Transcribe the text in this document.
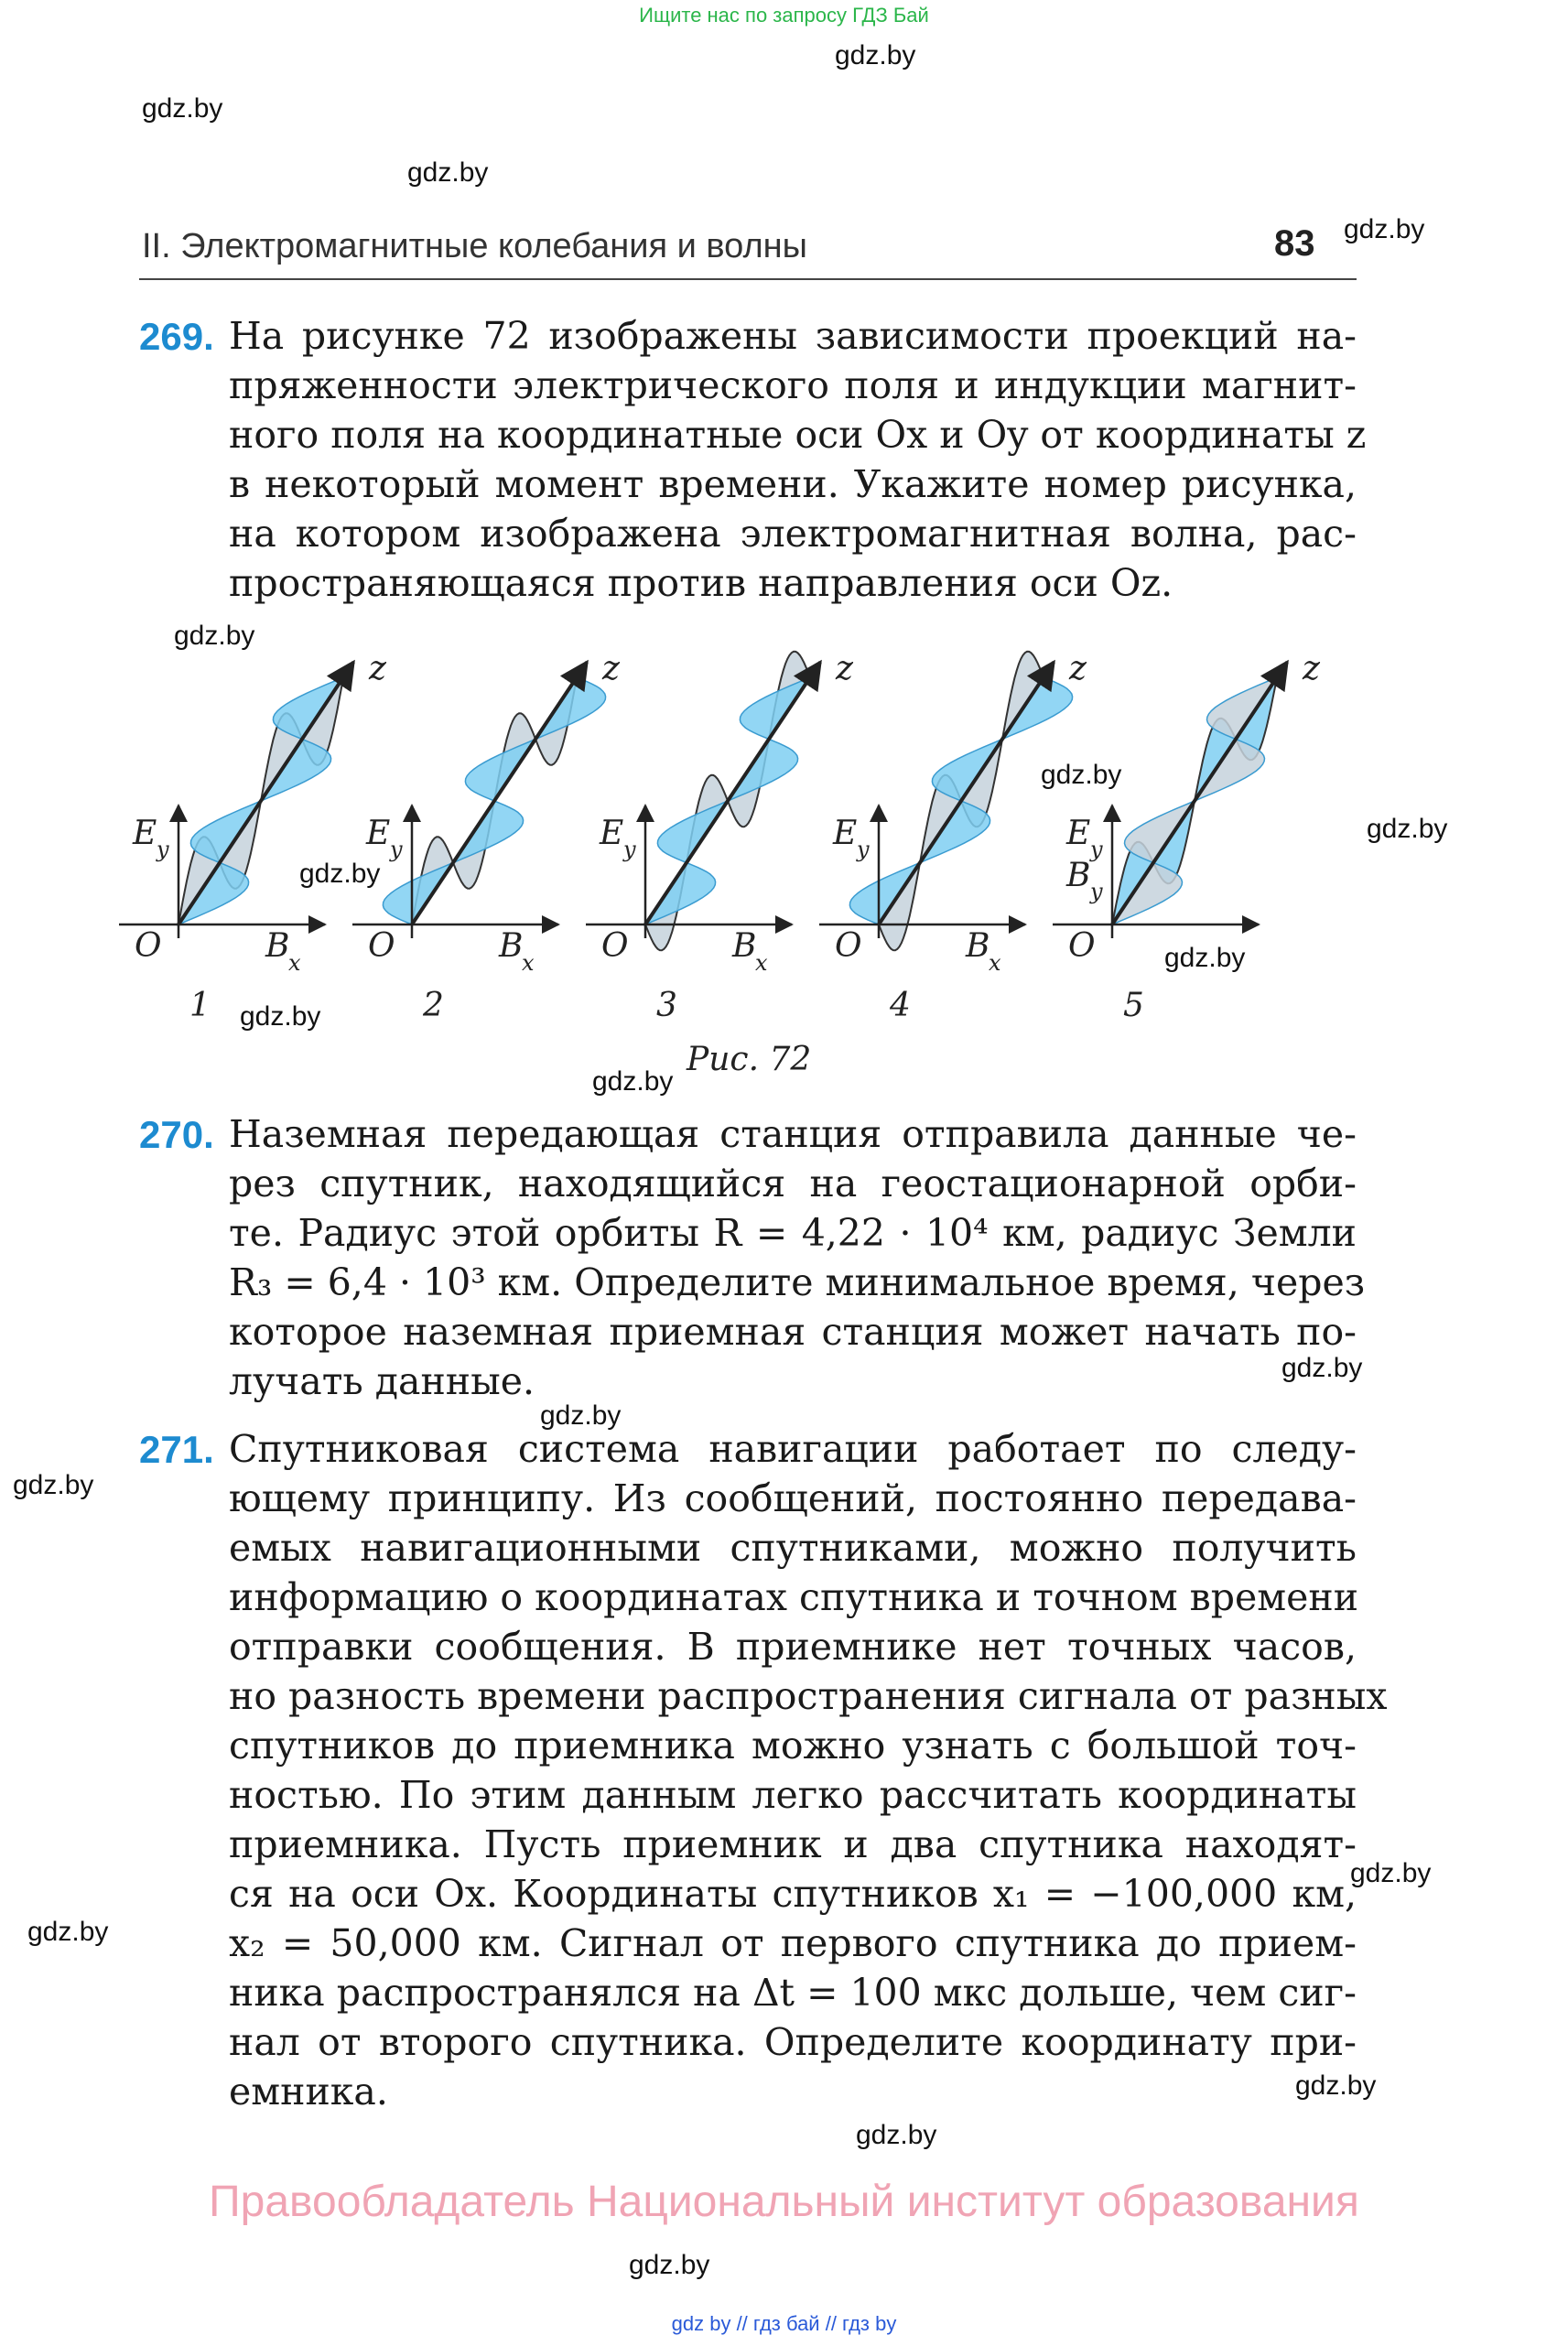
Ищите нас по запросу ГДЗ Бай
gdz.by
gdz.by
gdz.by
gdz.by
gdz.by
gdz.by
gdz.by
gdz.by
gdz.by
gdz.by
gdz.by
gdz.by
gdz.by
gdz.by
gdz.by
gdz.by
gdz.by
gdz.by
gdz.by
II. Электромагнитные колебания и волны	83
269. На рисунке 72 изображены зависимости проекций на-
пряженности электрического поля и индукции магнит-
ного поля на координатные оси Ox и Oy от координаты z
в некоторый момент времени. Укажите номер рисунка,
на котором изображена электромагнитная волна, рас-
пространяющаяся против направления оси Oz.
z
O
E y
B
x
1
z
O
E y
B
x
2
z
O
E y
B
x
3
z
O
E y
B
x
4
z
O
E y
B y
5
Рис. 72
270. Наземная передающая станция отправила данные че-
рез спутник, находящийся на геостационарной орби-
те. Радиус этой орбиты R = 4,22 · 10⁴ км, радиус Земли
R₃ = 6,4 · 10³ км. Определите минимальное время, через
которое наземная приемная станция может начать по-
лучать данные.
271. Спутниковая система навигации работает по следу-
ющему принципу. Из сообщений, постоянно передава-
емых навигационными спутниками, можно получить
информацию о координатах спутника и точном времени
отправки сообщения. В приемнике нет точных часов,
но разность времени распространения сигнала от разных
спутников до приемника можно узнать с большой точ-
ностью. По этим данным легко рассчитать координаты
приемника. Пусть приемник и два спутника находят-
ся на оси Ox. Координаты спутников x₁ = −100,000 км,
x₂ = 50,000 км. Сигнал от первого спутника до прием-
ника распространялся на Δt = 100 мкс дольше, чем сиг-
нал от второго спутника. Определите координату при-
емника.
Правообладатель Национальный институт образования
gdz by // гдз бай // гдз by
